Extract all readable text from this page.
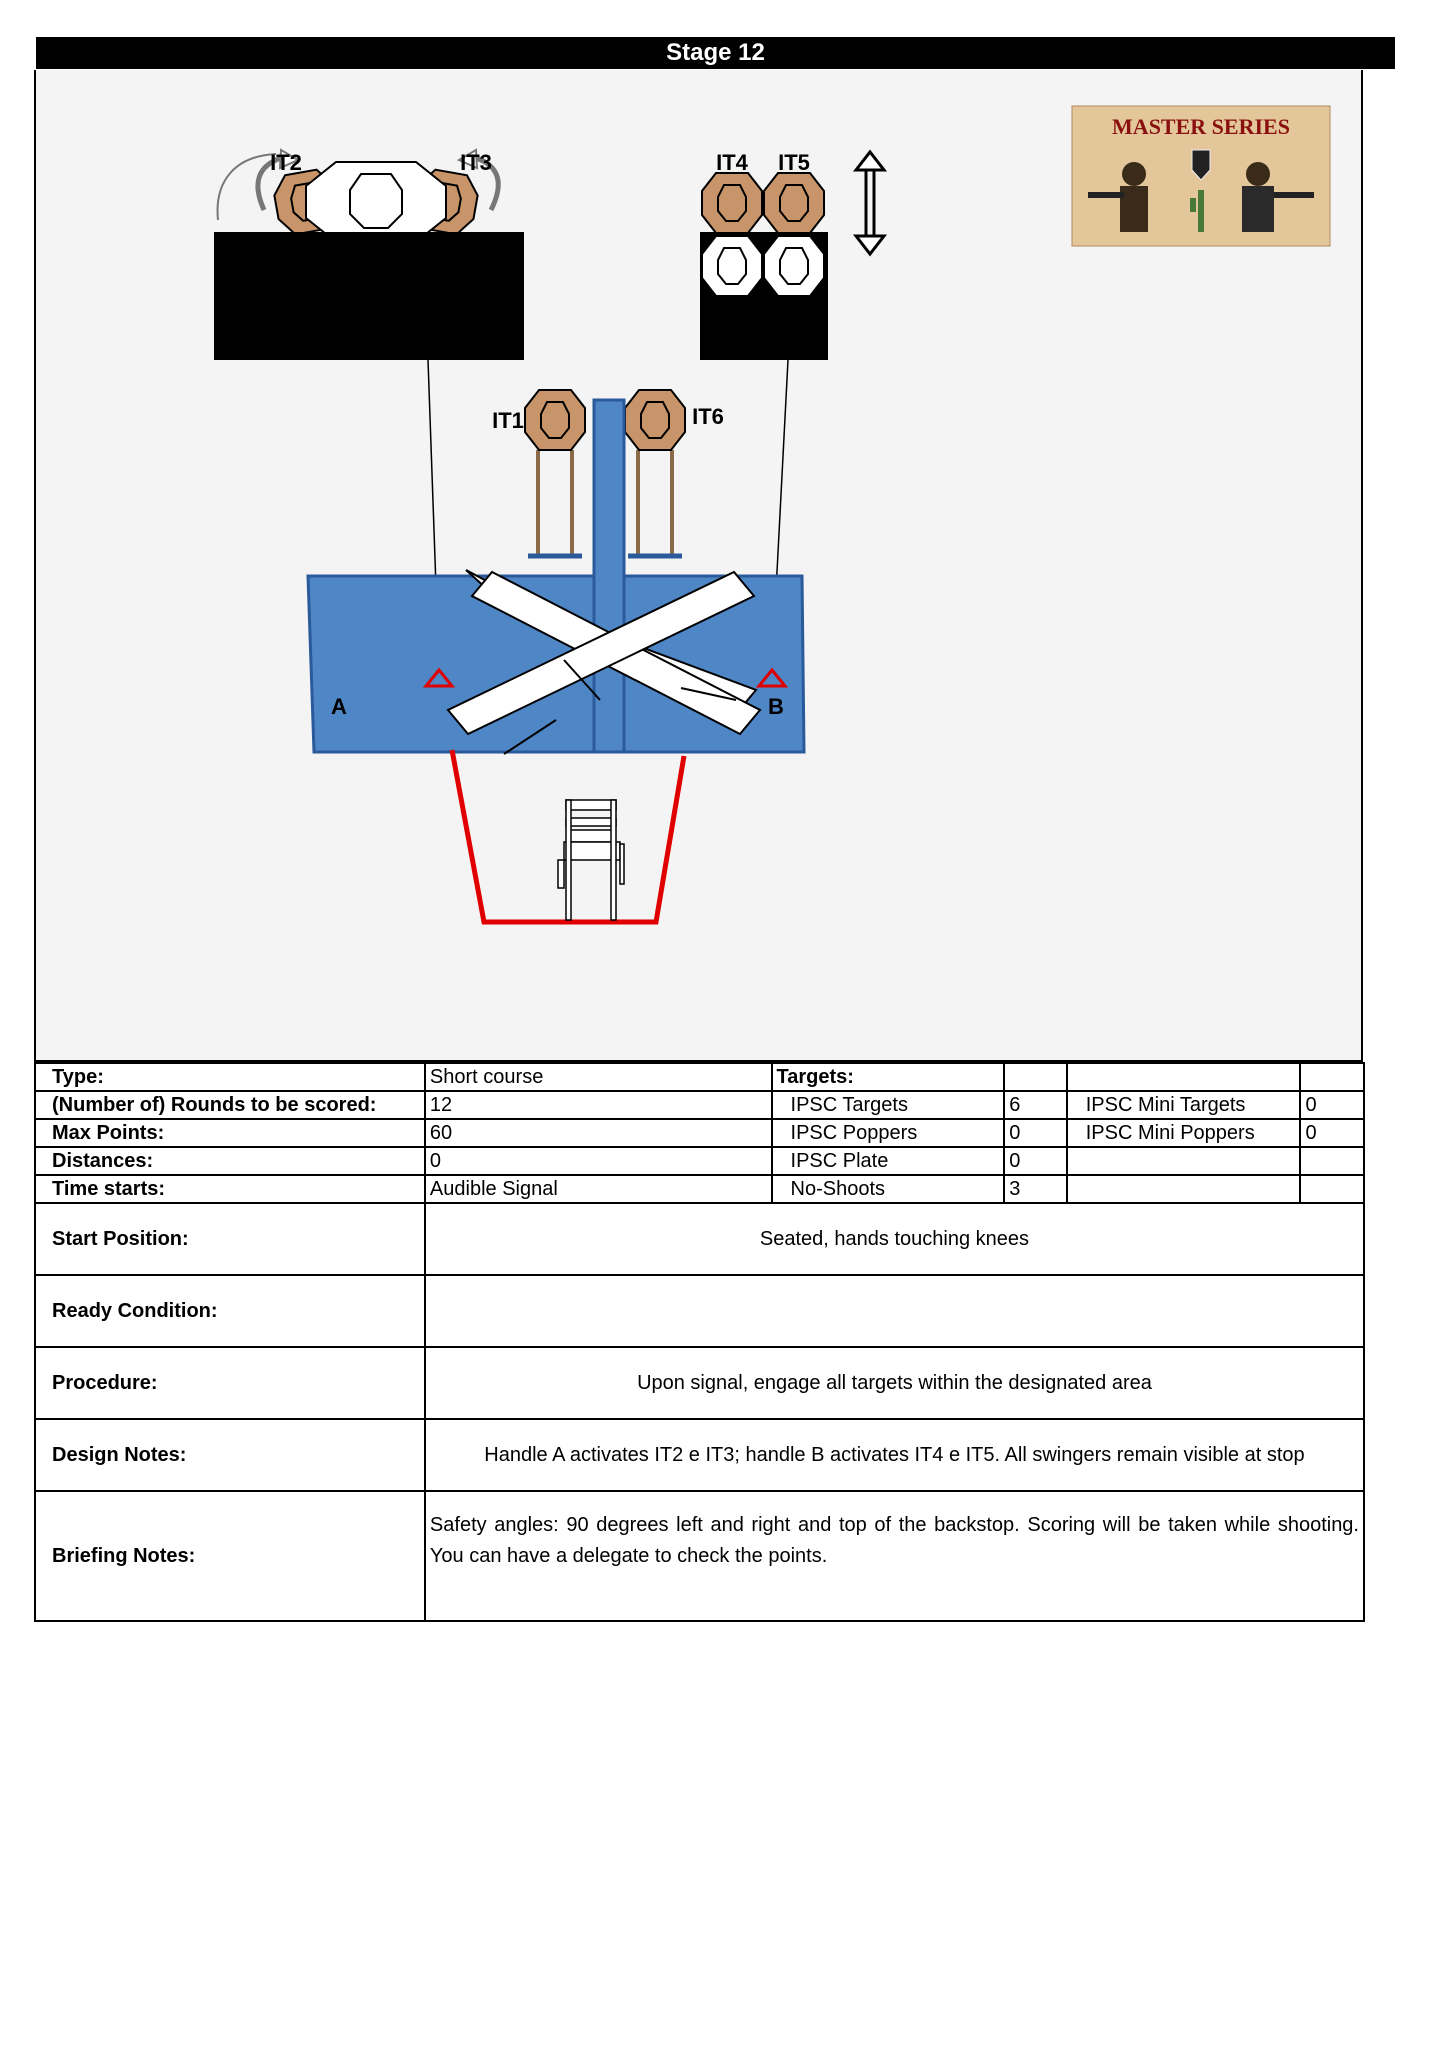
Stage 12
MASTER SERIES
IT2	IT3	IT4 IT5
IT1	IT6
A	B
Type:	Short course	Targets:			
(Number of) Rounds to be scored:	12	IPSC Targets	6	IPSC Mini Targets	0
Max Points:	60	IPSC Poppers	0	IPSC Mini Poppers	0
Distances:	0	IPSC Plate	0		
Time starts:	Audible Signal	No-Shoots	3		
Start Position:	Seated, hands touching knees				
Ready Condition:					
Procedure:	Upon signal, engage all targets within the designated area				
Design Notes:	Handle A activates IT2 e IT3; handle B activates IT4 e IT5. All swingers remain visible at stop				
Briefing Notes:	Safety angles: 90 degrees left and right and top of the backstop. Scoring will be taken while shooting. You can have a delegate to check the points.				
